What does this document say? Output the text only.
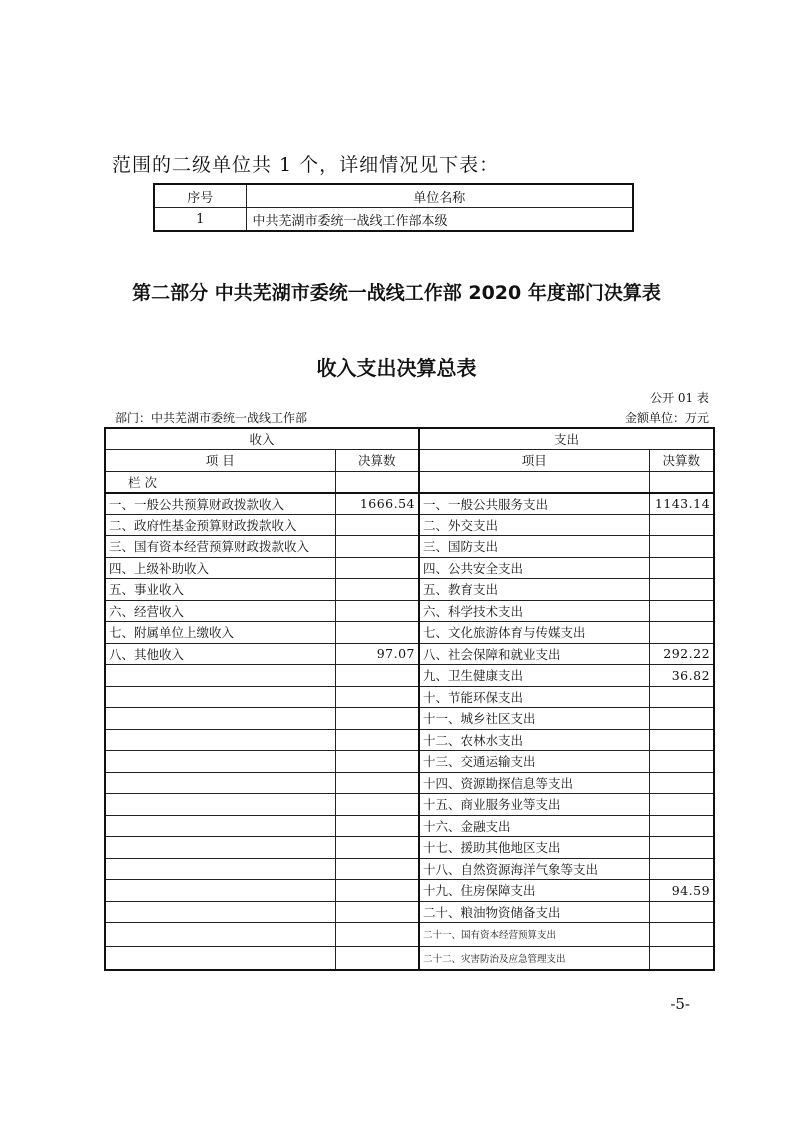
范围的二级单位共 1 个，详细情况见下表：
序号	单位名称
1	中共芜湖市委统一战线工作部本级
第二部分 中共芜湖市委统一战线工作部 2020 年度部门决算表
收入支出决算总表
公开 01 表
部门：中共芜湖市委统一战线工作部	金额单位：万元
收入		支出	
项 目	决算数	项目	决算数
栏 次			
一、一般公共预算财政拨款收入	1666.54	一、一般公共服务支出	1143.14
二、政府性基金预算财政拨款收入		二、外交支出	
三、国有资本经营预算财政拨款收入		三、国防支出	
四、上级补助收入		四、公共安全支出	
五、事业收入		五、教育支出	
六、经营收入		六、科学技术支出	
七、附属单位上缴收入		七、文化旅游体育与传媒支出	
八、其他收入	97.07	八、社会保障和就业支出	292.22
		九、卫生健康支出	36.82
		十、节能环保支出	
		十一、城乡社区支出	
		十二、农林水支出	
		十三、交通运输支出	
		十四、资源勘探信息等支出	
		十五、商业服务业等支出	
		十六、金融支出	
		十七、援助其他地区支出	
		十八、自然资源海洋气象等支出	
		十九、住房保障支出	94.59
		二十、粮油物资储备支出	
		二十一、国有资本经营预算支出	
		二十二、灾害防治及应急管理支出	
-5-
